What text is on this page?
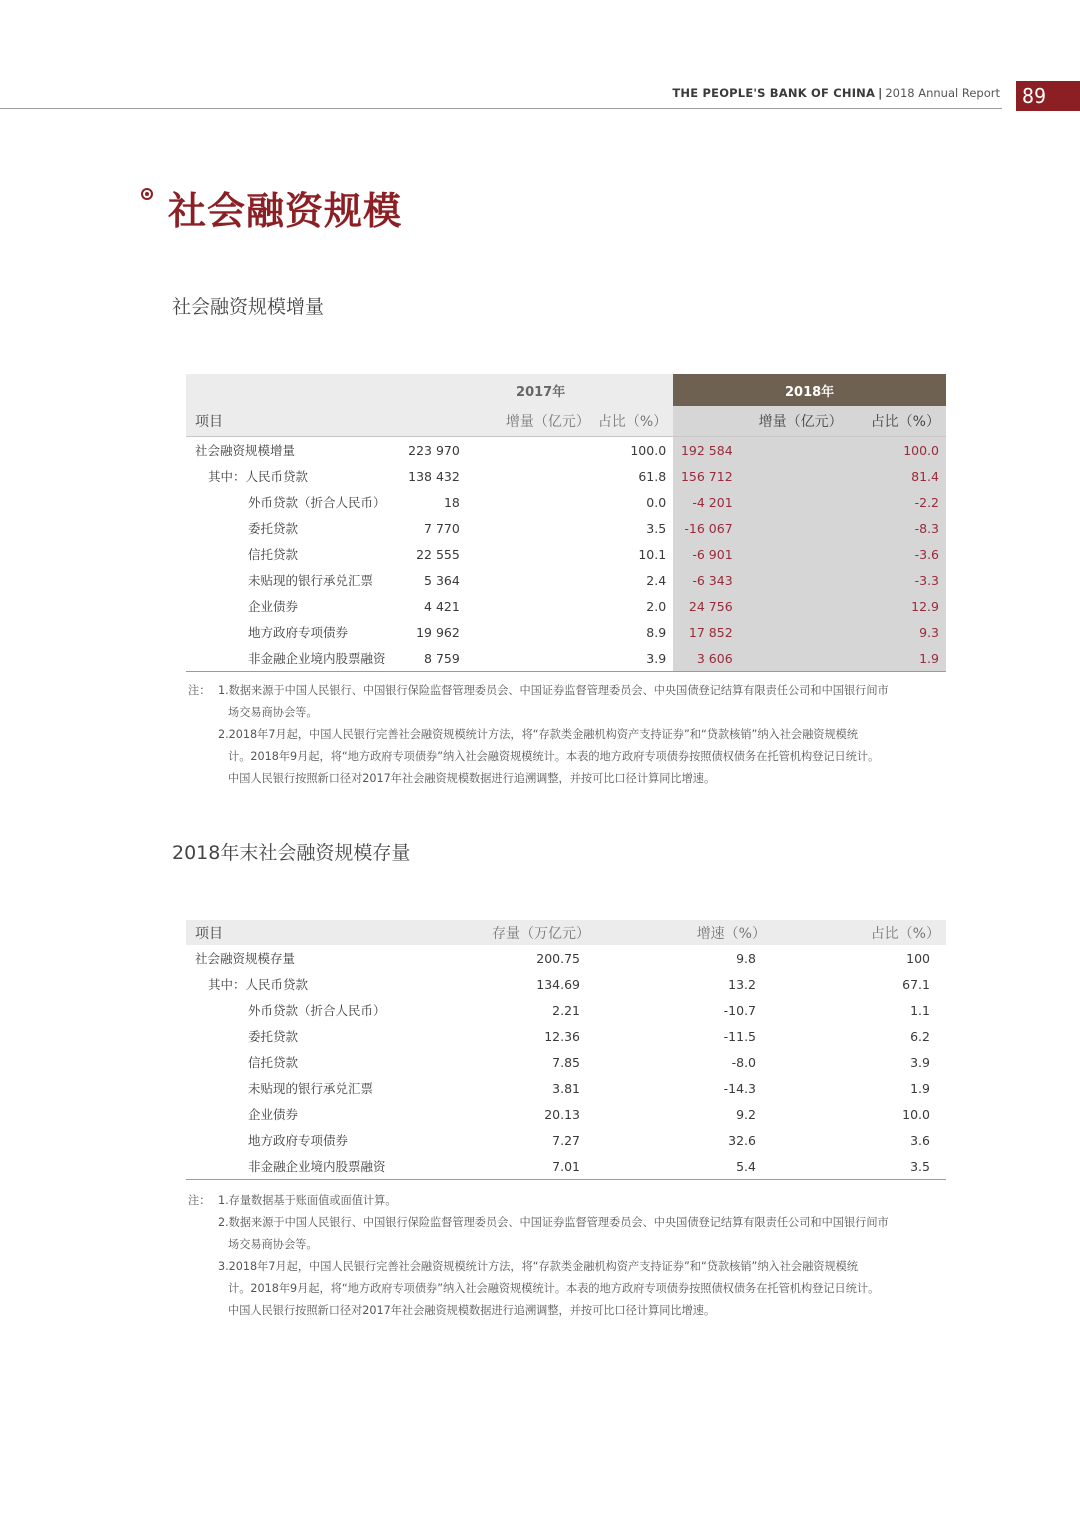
THE PEOPLE'S BANK OF CHINA | 2018 Annual Report	89
社会融资规模
社会融资规模增量
	2017年		2018年	
项目	增量（亿元）	占比（%）	增量（亿元）	占比（%）
社会融资规模增量	223 970	100.0	192 584	100.0
其中：人民币贷款	138 432	61.8	156 712	81.4
外币贷款（折合人民币）	18	0.0	-4 201	-2.2
委托贷款	7 770	3.5	-16 067	-8.3
信托贷款	22 555	10.1	-6 901	-3.6
未贴现的银行承兑汇票	5 364	2.4	-6 343	-3.3
企业债券	4 421	2.0	24 756	12.9
地方政府专项债券	19 962	8.9	17 852	9.3
非金融企业境内股票融资	8 759	3.9	3 606	1.9
注： 1.数据来源于中国人民银行、中国银行保险监督管理委员会、中国证券监督管理委员会、中央国债登记结算有限责任公司和中国银行间市
场交易商协会等。
2.2018年7月起，中国人民银行完善社会融资规模统计方法，将“存款类金融机构资产支持证券”和“贷款核销”纳入社会融资规模统
计。2018年9月起，将“地方政府专项债券”纳入社会融资规模统计。本表的地方政府专项债券按照债权债务在托管机构登记日统计。
中国人民银行按照新口径对2017年社会融资规模数据进行追溯调整，并按可比口径计算同比增速。
2018年末社会融资规模存量
项目	存量（万亿元）	增速（%）	占比（%）
社会融资规模存量	200.75	9.8	100
其中：人民币贷款	134.69	13.2	67.1
外币贷款（折合人民币）	2.21	-10.7	1.1
委托贷款	12.36	-11.5	6.2
信托贷款	7.85	-8.0	3.9
未贴现的银行承兑汇票	3.81	-14.3	1.9
企业债券	20.13	9.2	10.0
地方政府专项债券	7.27	32.6	3.6
非金融企业境内股票融资	7.01	5.4	3.5
注： 1.存量数据基于账面值或面值计算。
2.数据来源于中国人民银行、中国银行保险监督管理委员会、中国证券监督管理委员会、中央国债登记结算有限责任公司和中国银行间市
场交易商协会等。
3.2018年7月起，中国人民银行完善社会融资规模统计方法，将“存款类金融机构资产支持证券”和“贷款核销”纳入社会融资规模统
计。2018年9月起，将“地方政府专项债券”纳入社会融资规模统计。本表的地方政府专项债券按照债权债务在托管机构登记日统计。
中国人民银行按照新口径对2017年社会融资规模数据进行追溯调整，并按可比口径计算同比增速。
